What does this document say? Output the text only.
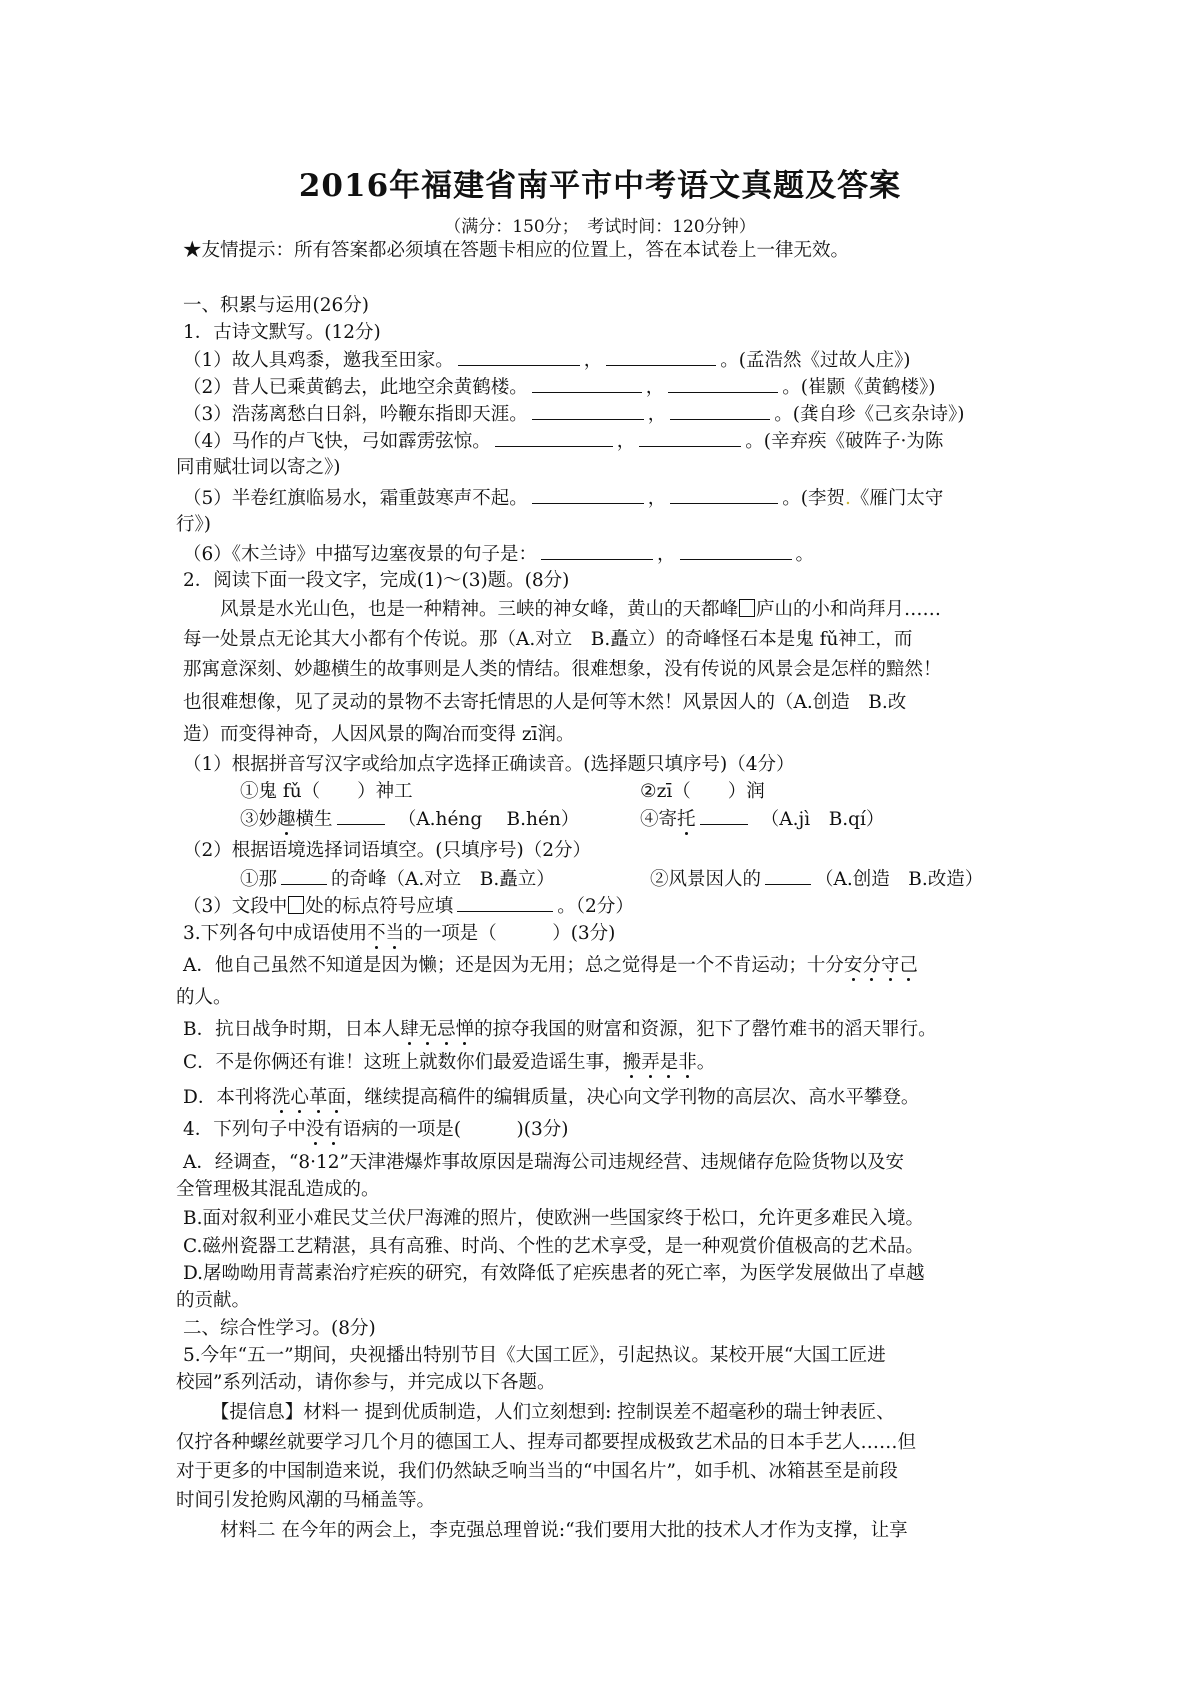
2016年福建省南平市中考语文真题及答案
（满分：150分；　考试时间：120分钟）
★友情提示：所有答案都必须填在答题卡相应的位置上，答在本试卷上一律无效。
一、积累与运用(26分)
1．古诗文默写。(12分)
（1）故人具鸡黍，邀我至田家。	，	。(孟浩然《过故人庄》)
（2）昔人已乘黄鹤去，此地空余黄鹤楼。	，	。(崔颢《黄鹤楼》)
（3）浩荡离愁白日斜，吟鞭东指即天涯。	，	。(龚自珍《己亥杂诗》)
（4）马作的卢飞快，弓如霹雳弦惊。	，	。(辛弃疾《破阵子·为陈
同甫赋壮词以寄之》)
（5）半卷红旗临易水，霜重鼓寒声不起。	，	。(李贺.《雁门太守
行》)
（6）《木兰诗》中描写边塞夜景的句子是：	，	。
2．阅读下面一段文字，完成(1)～(3)题。(8分)
　　风景是水光山色，也是一种精神。三峡的神女峰，黄山的天都峰 庐山的小和尚拜月……
每一处景点无论其大小都有个传说。那（A.对立　B.矗立）的奇峰怪石本是鬼 fǔ神工，而
那寓意深刻、妙趣横生的故事则是人类的情结。很难想象，没有传说的风景会是怎样的黯然！
也很难想像，见了灵动的景物不去寄托情思的人是何等木然！风景因人的（A.创造　B.改
造）而变得神奇，人因风景的陶冶而变得 zī润。
（1）根据拼音写汉字或给加点字选择正确读音。(选择题只填序号)（4分）
①鬼 fǔ（　　）神工	②zī（　　）润
③妙趣横生　	（A.héng　 B.hén）	④寄托　	（A.jì　B.qí）
（2）根据语境选择词语填空。(只填序号)（2分）
①那	的奇峰（A.对立　B.矗立）	②风景因人的	（A.创造　B.改造）
（3）文段中 处的标点符号应填	。（2分）
3.下列各句中成语使用不当的一项是（　　　）(3分)
A．他自己虽然不知道是因为懒；还是因为无用；总之觉得是一个不肯运动；十分安分守己
的人。
B．抗日战争时期，日本人肆无忌惮的掠夺我国的财富和资源，犯下了罄竹难书的滔天罪行。
C．不是你俩还有谁！这班上就数你们最爱造谣生事，搬弄是非。
D．本刊将洗心革面，继续提高稿件的编辑质量，决心向文学刊物的高层次、高水平攀登。
4．下列句子中没有语病的一项是(　　　)(3分)
A．经调查，“8·12”天津港爆炸事故原因是瑞海公司违规经营、违规储存危险货物以及安
全管理极其混乱造成的。
B.面对叙利亚小难民艾兰伏尸海滩的照片，使欧洲一些国家终于松口，允许更多难民入境。
C.磁州瓷器工艺精湛，具有高雅、时尚、个性的艺术享受，是一种观赏价值极高的艺术品。
D.屠呦呦用青蒿素治疗疟疾的研究，有效降低了疟疾患者的死亡率，为医学发展做出了卓越
的贡献。
二、综合性学习。(8分)
5.今年“五一”期间，央视播出特别节目《大国工匠》，引起热议。某校开展“大国工匠进
校园”系列活动，请你参与，并完成以下各题。
　　【提信息】材料一 提到优质制造，人们立刻想到: 控制误差不超毫秒的瑞士钟表匠、
仅拧各种螺丝就要学习几个月的德国工人、捏寿司都要捏成极致艺术品的日本手艺人……但
对于更多的中国制造来说，我们仍然缺乏响当当的“中国名片”，如手机、冰箱甚至是前段
时间引发抢购风潮的马桶盖等。
　　材料二 在今年的两会上，李克强总理曾说:“我们要用大批的技术人才作为支撑，让享
